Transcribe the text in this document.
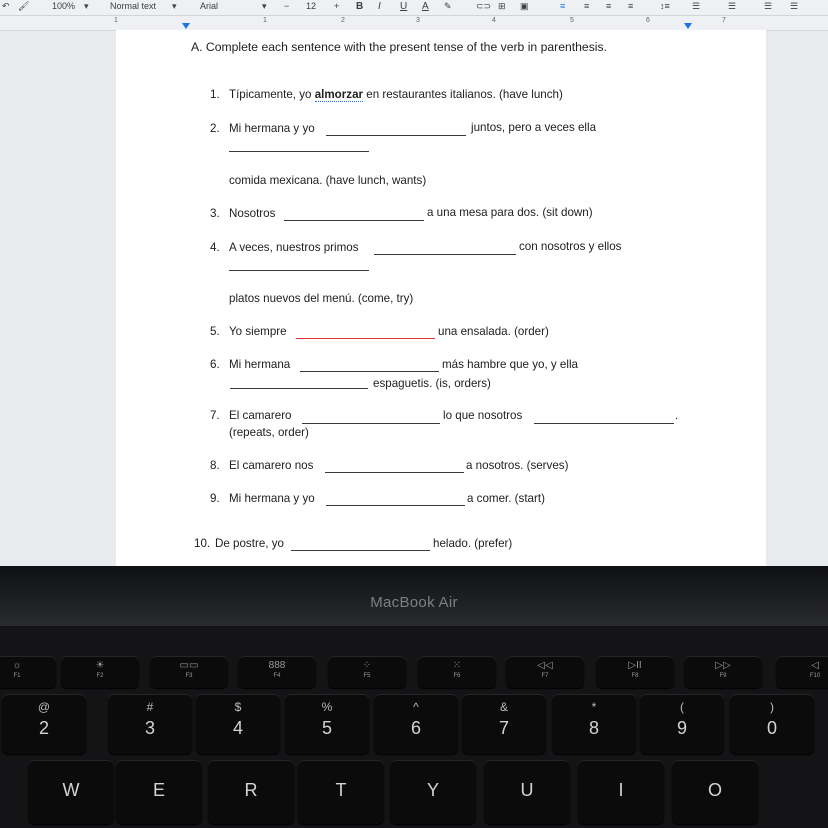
↶ 🖌	100% ▾ Normal text ▾	Arial	▾ − 12 + B I U A ✎	⊂⊃ ⊞ ▣	≡ ≡ ≡ ≡	↕≡ ☰	☰	☰ ☰
1	1	2	3	4	5	6	7
A. Complete each sentence with the present tense of the verb in parenthesis.
1. Típicamente, yo almorzar en restaurantes italianos. (have lunch)
2. Mi hermana y yo	juntos, pero a veces ella
comida mexicana. (have lunch, wants)
3. Nosotros	a una mesa para dos. (sit down)
4. A veces, nuestros primos	con nosotros y ellos
platos nuevos del menú. (come, try)
5. Yo siempre	una ensalada. (order)
6. Mi hermana	más hambre que yo, y ella
espaguetis. (is, orders)
7. El camarero	lo que nosotros	.
(repeats, order)
8. El camarero nos	a nosotros. (serves)
9. Mi hermana y yo	a comer. (start)
10. De postre, yo	helado. (prefer)
MacBook Air
☼
F1
☀
F2
▭▭
F3
888
F4
⁘
F5
⁙
F6
◁◁
F7
▷II
F8
▷▷
F9
◁
F10
@
2
#
3
$
4
%
5
^
6
&
7
*
8
(
9
)
0
W	E	R	T	Y	U	I	O
